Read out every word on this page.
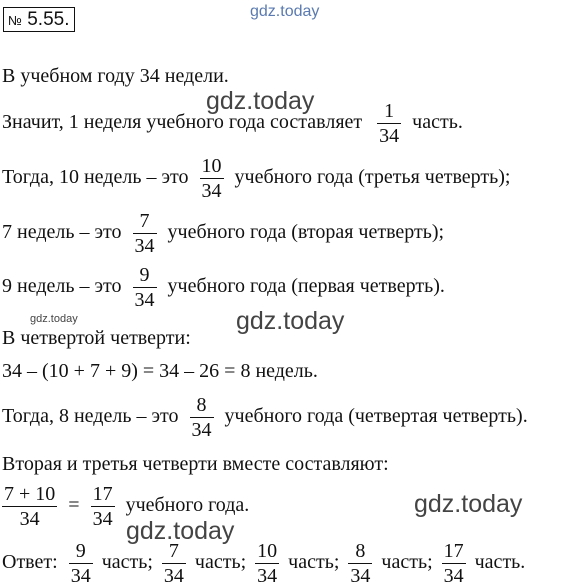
gdz.today
gdz.today
gdz.today	gdz.today
gdz.today
gdz.today
№ 5.55.
В учебном году 34 недели.
Значит, 1 неделя учебного года составляет $\frac{1}{34}$ часть.
Тогда, 10 недель – это $\frac{10}{34}$ учебного года (третья четверть);
7 недель – это $\frac{7}{34}$ учебного года (вторая четверть);
9 недель – это $\frac{9}{34}$ учебного года (первая четверть).
В четвертой четверти:
34 – (10 + 7 + 9) = 34 – 26 = 8 недель.
Тогда, 8 недель – это $\frac{8}{34}$ учебного года (четвертая четверть).
Вторая и третья четверти вместе составляют:
$\frac{7 + 10}{34} = \frac{17}{34}$ учебного года.
Ответ: $\frac{9}{34}$ часть; $\frac{7}{34}$ часть; $\frac{10}{34}$ часть; $\frac{8}{34}$ часть; $\frac{17}{34}$ часть.
